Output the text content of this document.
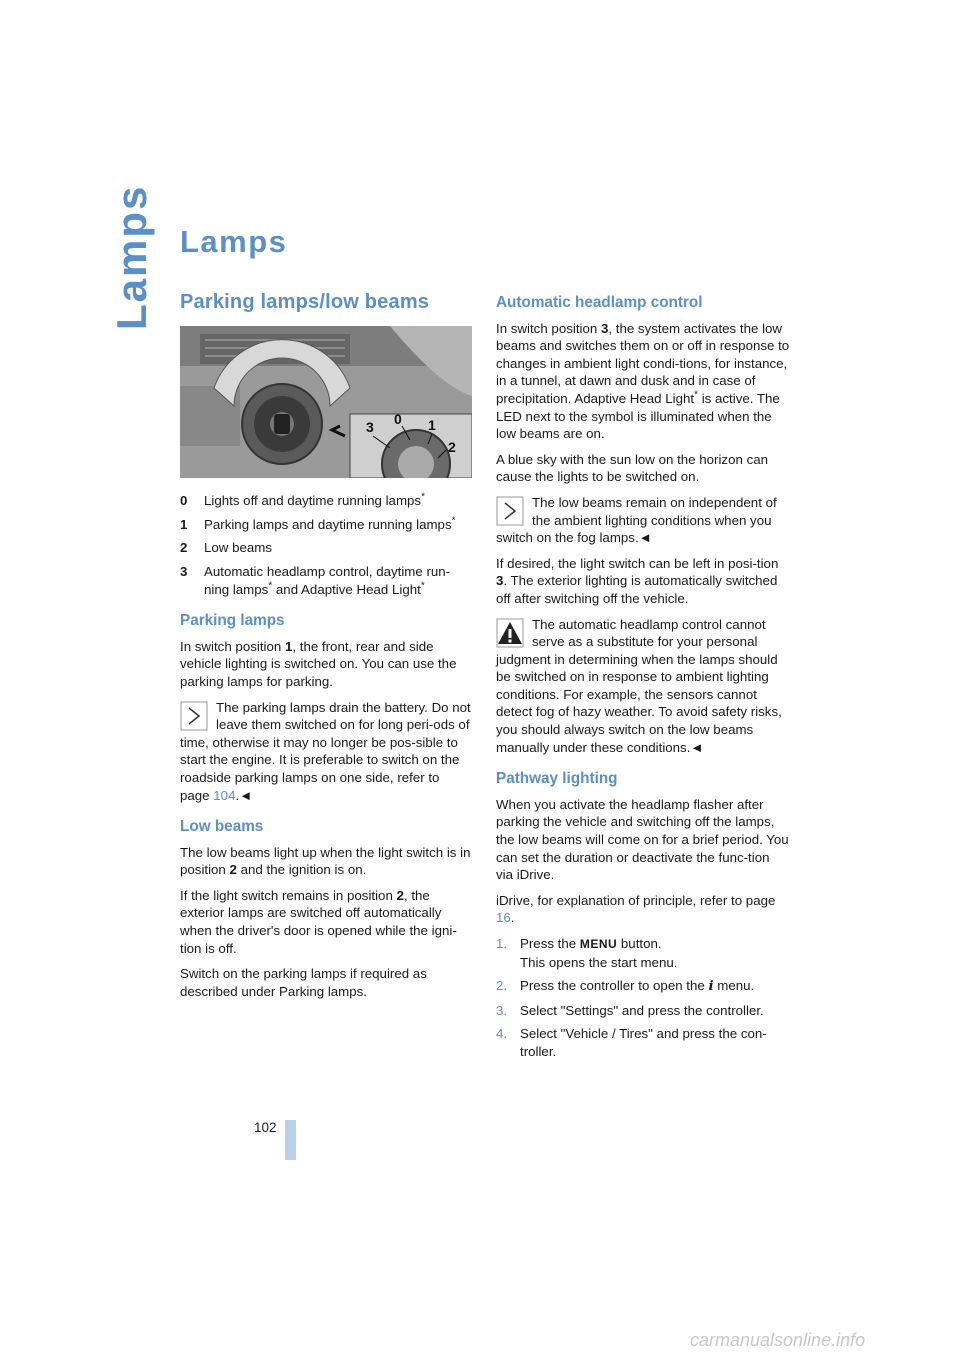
Lamps Lamps
Parking lamps/low beams
3 0 1
2
0	Lights off and daytime running lamps*
1	Parking lamps and daytime running lamps*
2	Low beams
3	Automatic headlamp control, daytime run-ning lamps* and Adaptive Head Light*
Parking lamps

In switch position 1, the front, rear and side vehicle lighting is switched on. You can use the parking lamps for parking.

The parking lamps drain the battery. Do not leave them switched on for long peri-ods of time, otherwise it may no longer be pos-sible to start the engine. It is preferable to switch on the roadside parking lamps on one side, refer to page 104.◄
Low beams

The low beams light up when the light switch is in position 2 and the ignition is on.

If the light switch remains in position 2, the exterior lamps are switched off automatically when the driver's door is opened while the igni-tion is off.

Switch on the parking lamps if required as described under Parking lamps.

Automatic headlamp control

In switch position 3, the system activates the low beams and switches them on or off in response to changes in ambient light condi-tions, for instance, in a tunnel, at dawn and dusk and in case of precipitation. Adaptive Head Light* is active. The LED next to the symbol is illuminated when the low beams are on.

A blue sky with the sun low on the horizon can cause the lights to be switched on.

The low beams remain on independent of the ambient lighting conditions when you switch on the fog lamps.◄

If desired, the light switch can be left in posi-tion 3. The exterior lighting is automatically switched off after switching off the vehicle.

The automatic headlamp control cannot serve as a substitute for your personal judgment in determining when the lamps should be switched on in response to ambient lighting conditions. For example, the sensors cannot detect fog of hazy weather. To avoid safety risks, you should always switch on the low beams manually under these conditions.◄
Pathway lighting

When you activate the headlamp flasher after parking the vehicle and switching off the lamps, the low beams will come on for a brief period. You can set the duration or deactivate the func-tion via iDrive.

iDrive, for explanation of principle, refer to page 16.

1. Press the MENU button.
This opens the start menu.
2. Press the controller to open the i menu.
3. Select "Settings" and press the controller.
4. Select "Vehicle / Tires" and press the con-troller.
102
carmanualsonline.info
